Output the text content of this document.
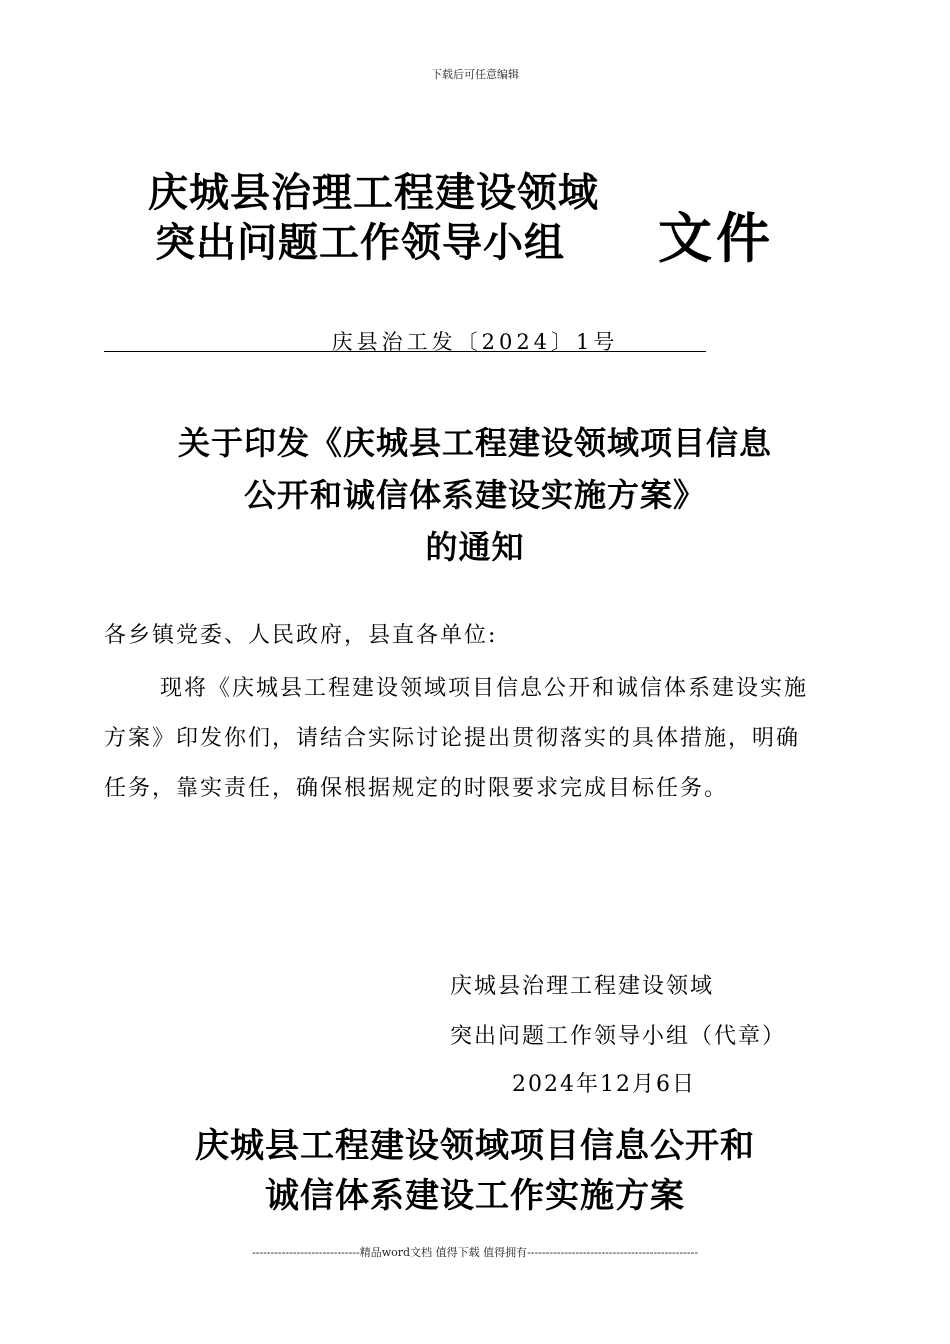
下载后可任意编辑
庆城县治理工程建设领域
突出问题工作领导小组 文件
庆县治工发〔2024〕1号
关于印发《庆城县工程建设领域项目信息
公开和诚信体系建设实施方案》
的通知
各乡镇党委、人民政府，县直各单位:
现将《庆城县工程建设领域项目信息公开和诚信体系建设实施
方案》印发你们，请结合实际讨论提出贯彻落实的具体措施，明确
任务，靠实责任，确保根据规定的时限要求完成目标任务。
庆城县治理工程建设领域
突出问题工作领导小组（代章）
2024年12月6日
庆城县工程建设领域项目信息公开和
诚信体系建设工作实施方案
-----------------------------精品word文档 值得下载 值得拥有----------------------------------------------
